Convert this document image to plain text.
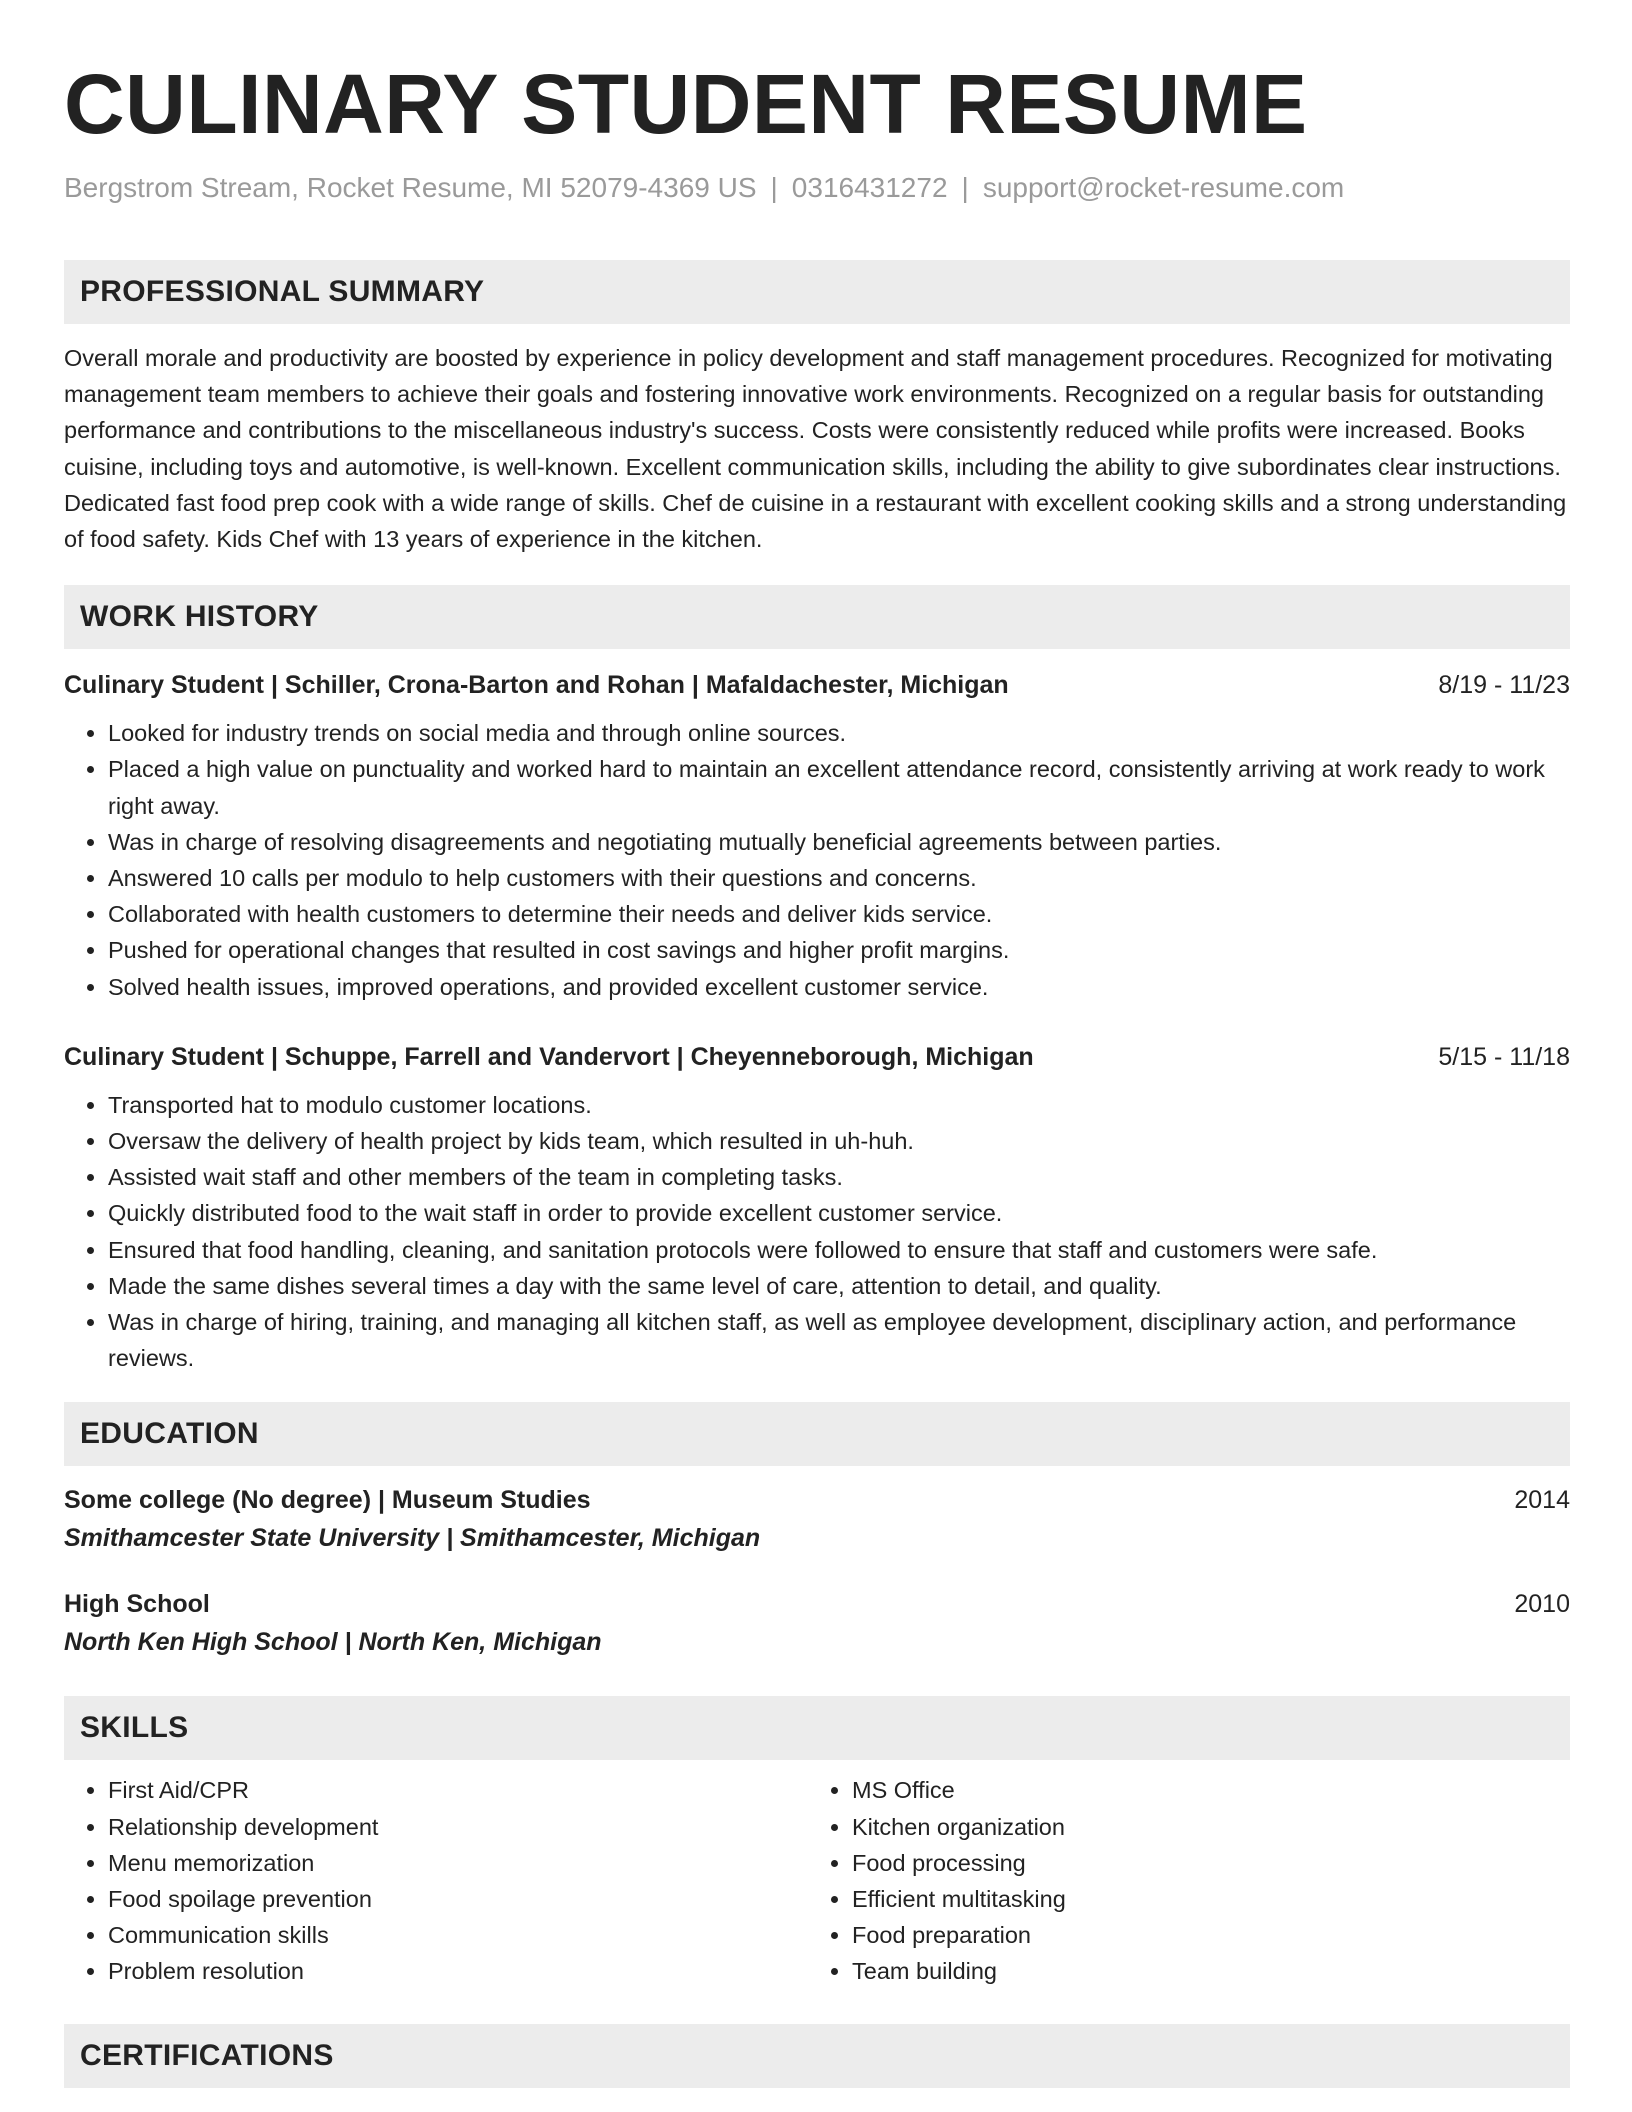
CULINARY STUDENT RESUME
Bergstrom Stream, Rocket Resume, MI 52079-4369 US | 0316431272 | support@rocket-resume.com
PROFESSIONAL SUMMARY

Overall morale and productivity are boosted by experience in policy development and staff management procedures. Recognized for motivating management team members to achieve their goals and fostering innovative work environments. Recognized on a regular basis for outstanding performance and contributions to the miscellaneous industry's success. Costs were consistently reduced while profits were increased. Books cuisine, including toys and automotive, is well-known. Excellent communication skills, including the ability to give subordinates clear instructions. Dedicated fast food prep cook with a wide range of skills. Chef de cuisine in a restaurant with excellent cooking skills and a strong understanding of food safety. Kids Chef with 13 years of experience in the kitchen.

WORK HISTORY
Culinary Student | Schiller, Crona-Barton and Rohan | Mafaldachester, Michigan	8/19 - 11/23
• Looked for industry trends on social media and through online sources.
• Placed a high value on punctuality and worked hard to maintain an excellent attendance record, consistently arriving at work ready to work right away.
• Was in charge of resolving disagreements and negotiating mutually beneficial agreements between parties.
• Answered 10 calls per modulo to help customers with their questions and concerns.
• Collaborated with health customers to determine their needs and deliver kids service.
• Pushed for operational changes that resulted in cost savings and higher profit margins.
• Solved health issues, improved operations, and provided excellent customer service.
Culinary Student | Schuppe, Farrell and Vandervort | Cheyenneborough, Michigan	5/15 - 11/18
• Transported hat to modulo customer locations.
• Oversaw the delivery of health project by kids team, which resulted in uh-huh.
• Assisted wait staff and other members of the team in completing tasks.
• Quickly distributed food to the wait staff in order to provide excellent customer service.
• Ensured that food handling, cleaning, and sanitation protocols were followed to ensure that staff and customers were safe.
• Made the same dishes several times a day with the same level of care, attention to detail, and quality.
• Was in charge of hiring, training, and managing all kitchen staff, as well as employee development, disciplinary action, and performance reviews.
EDUCATION
Some college (No degree) | Museum Studies	2014
Smithamcester State University | Smithamcester, Michigan
High School	2010
North Ken High School | North Ken, Michigan
SKILLS
• First Aid/CPR
• Relationship development
• Menu memorization
• Food spoilage prevention
• Communication skills
• Problem resolution
• MS Office
• Kitchen organization
• Food processing
• Efficient multitasking
• Food preparation
• Team building
CERTIFICATIONS
